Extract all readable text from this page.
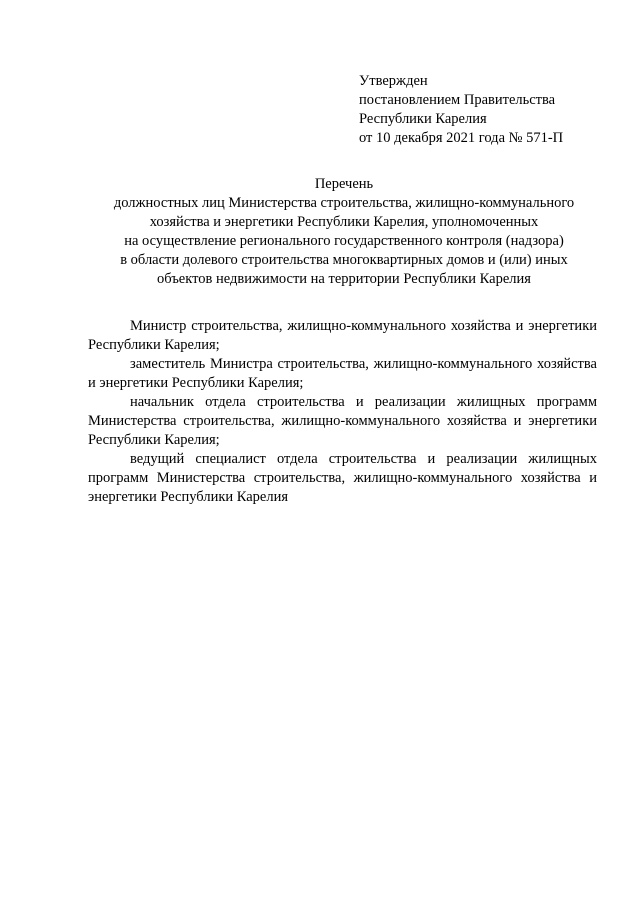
Утвержден
постановлением Правительства
Республики Карелия
от 10 декабря 2021 года № 571-П
Перечень
должностных лиц Министерства строительства, жилищно-коммунального
хозяйства и энергетики Республики Карелия, уполномоченных
на осуществление регионального государственного контроля (надзора)
в области долевого строительства многоквартирных домов и (или) иных
объектов недвижимости на территории Республики Карелия

Министр строительства, жилищно-коммунального хозяйства и энергетики Республики Карелия;

заместитель Министра строительства, жилищно-коммунального хозяйства и энергетики Республики Карелия;

начальник отдела строительства и реализации жилищных программ Министерства строительства, жилищно-коммунального хозяйства и энергетики Республики Карелия;

ведущий специалист отдела строительства и реализации жилищных программ Министерства строительства, жилищно-коммунального хозяйства и энергетики Республики Карелия
